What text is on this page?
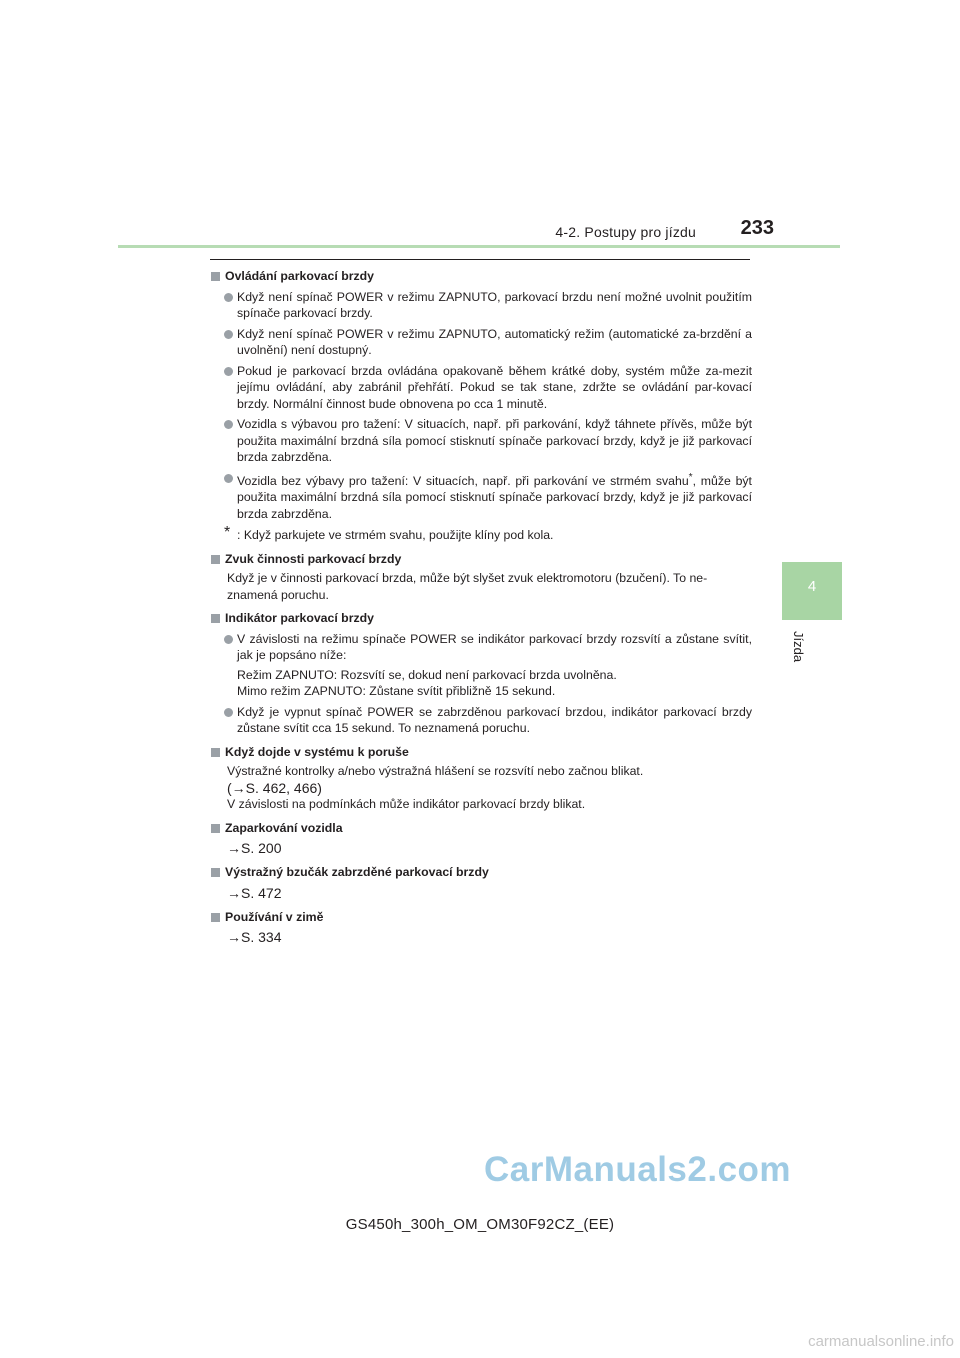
4-2. Postupy pro jízdu 233
4
Jízda
Ovládání parkovací brzdy
Když není spínač POWER v režimu ZAPNUTO, parkovací brzdu není možné uvolnit použitím spínače parkovací brzdy.
Když není spínač POWER v režimu ZAPNUTO, automatický režim (automatické za-brzdění a uvolnění) není dostupný.
Pokud je parkovací brzda ovládána opakovaně během krátké doby, systém může za-mezit jejímu ovládání, aby zabránil přehřátí. Pokud se tak stane, zdržte se ovládání par-kovací brzdy. Normální činnost bude obnovena po cca 1 minutě.
Vozidla s výbavou pro tažení: V situacích, např. při parkování, když táhnete přívěs, může být použita maximální brzdná síla pomocí stisknutí spínače parkovací brzdy, když je již parkovací brzda zabrzděna.
Vozidla bez výbavy pro tažení: V situacích, např. při parkování ve strmém svahu*, může být použita maximální brzdná síla pomocí stisknutí spínače parkovací brzdy, když je již parkovací brzda zabrzděna.
* : Když parkujete ve strmém svahu, použijte klíny pod kola.
Zvuk činnosti parkovací brzdy
Když je v činnosti parkovací brzda, může být slyšet zvuk elektromotoru (bzučení). To ne-znamená poruchu.
Indikátor parkovací brzdy
V závislosti na režimu spínače POWER se indikátor parkovací brzdy rozsvítí a zůstane svítit, jak je popsáno níže:
Režim ZAPNUTO: Rozsvítí se, dokud není parkovací brzda uvolněna.
Mimo režim ZAPNUTO: Zůstane svítit přibližně 15 sekund.
Když je vypnut spínač POWER se zabrzděnou parkovací brzdou, indikátor parkovací brzdy zůstane svítit cca 15 sekund. To neznamená poruchu.
Když dojde v systému k poruše
Výstražné kontrolky a/nebo výstražná hlášení se rozsvítí nebo začnou blikat.
(→S. 462, 466)
V závislosti na podmínkách může indikátor parkovací brzdy blikat.
Zaparkování vozidla
→S. 200
Výstražný bzučák zabrzděné parkovací brzdy
→S. 472
Používání v zimě
→S. 334
CarManuals2.com
GS450h_300h_OM_OM30F92CZ_(EE)
carmanualsonline.info
